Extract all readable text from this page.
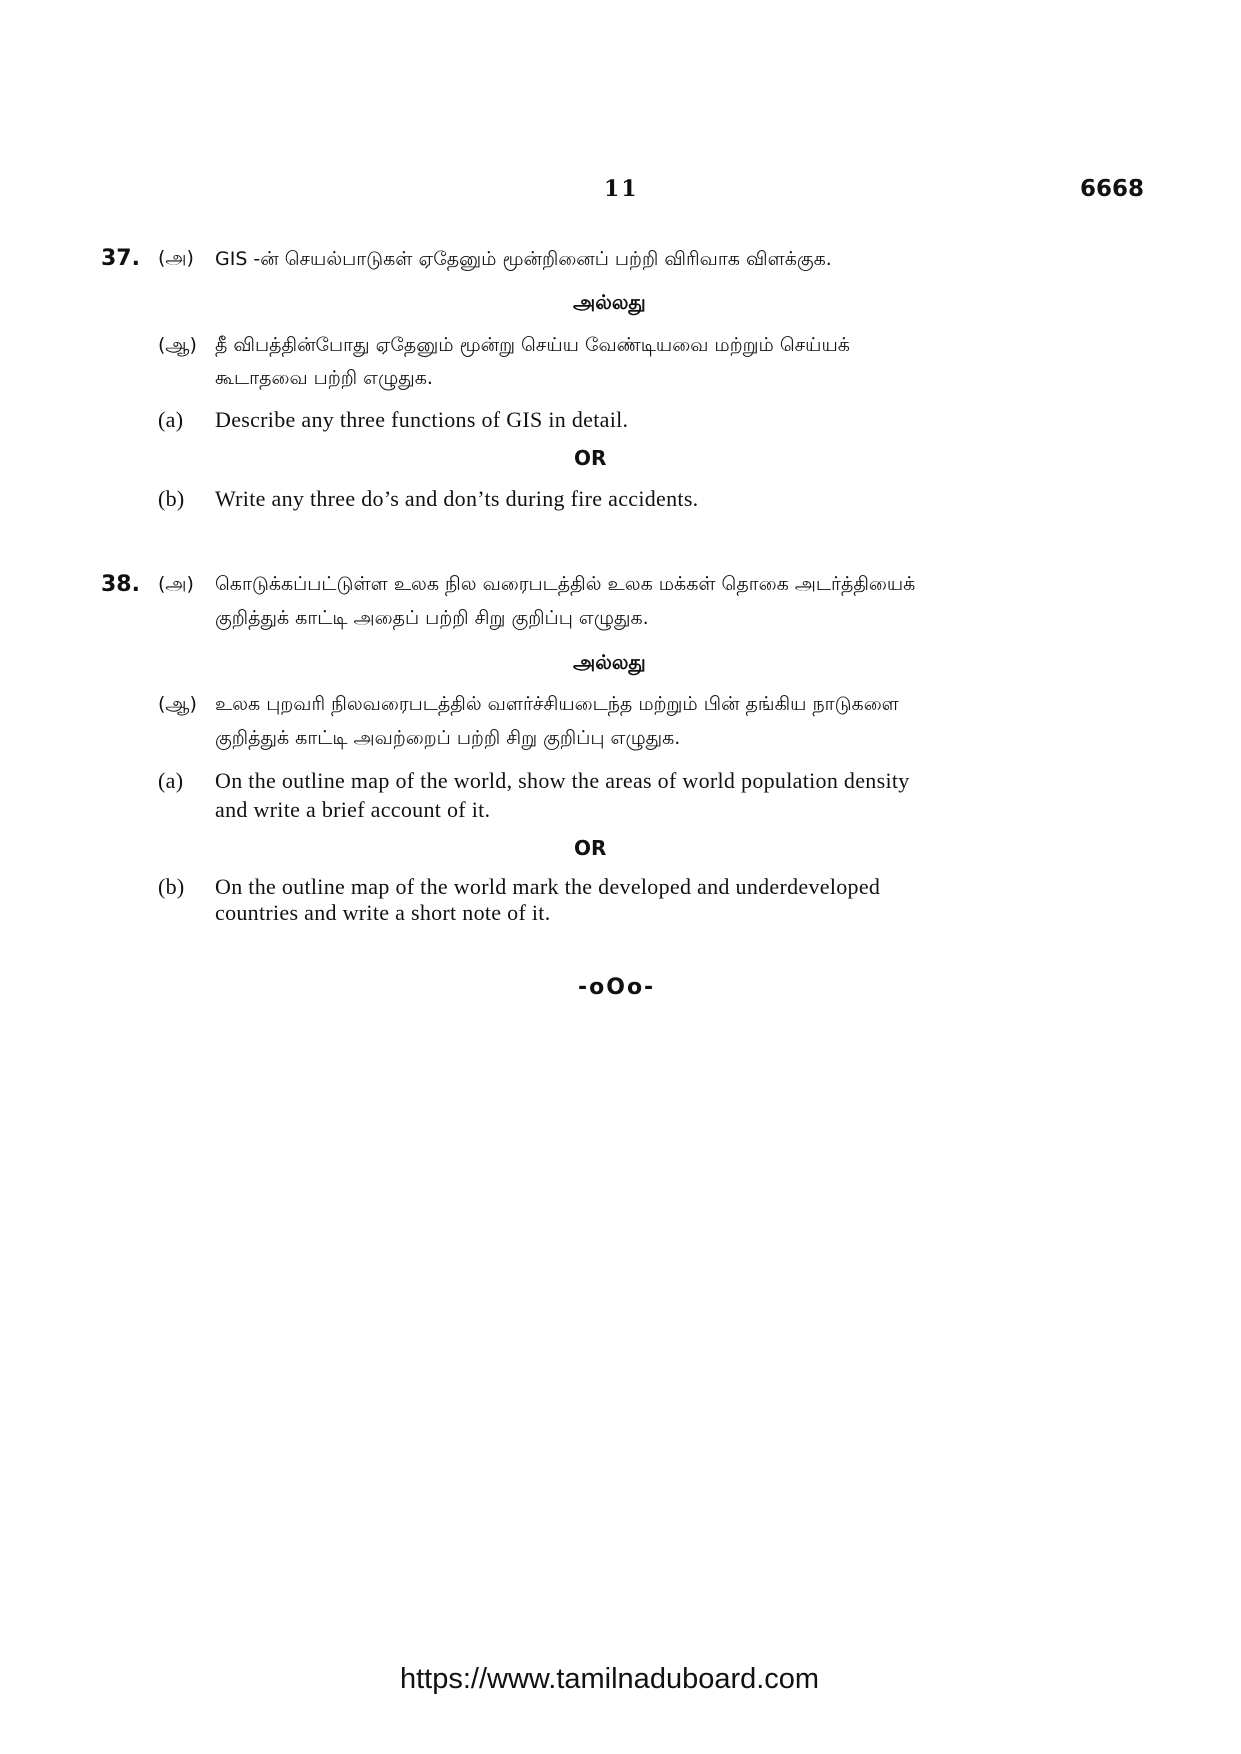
11	6668
37. (அ) GIS -ன் செயல்பாடுகள் ஏதேனும் மூன்றினைப் பற்றி விரிவாக விளக்குக.
அல்லது
(ஆ) தீ விபத்தின்போது ஏதேனும் மூன்று செய்ய வேண்டியவை மற்றும் செய்யக்
கூடாதவை பற்றி எழுதுக.
(a) Describe any three functions of GIS in detail.
OR
(b) Write any three do’s and don’ts during fire accidents.
38. (அ) கொடுக்கப்பட்டுள்ள உலக நில வரைபடத்தில் உலக மக்கள் தொகை அடர்த்தியைக்
குறித்துக் காட்டி அதைப் பற்றி சிறு குறிப்பு எழுதுக.
அல்லது
(ஆ) உலக புறவரி நிலவரைபடத்தில் வளர்ச்சியடைந்த மற்றும் பின் தங்கிய நாடுகளை
குறித்துக் காட்டி அவற்றைப் பற்றி சிறு குறிப்பு எழுதுக.
(a) On the outline map of the world, show the areas of world population density
and write a brief account of it.
OR
(b) On the outline map of the world mark the developed and underdeveloped
countries and write a short note of it.
-oOo-
https://www.tamilnaduboard.com
